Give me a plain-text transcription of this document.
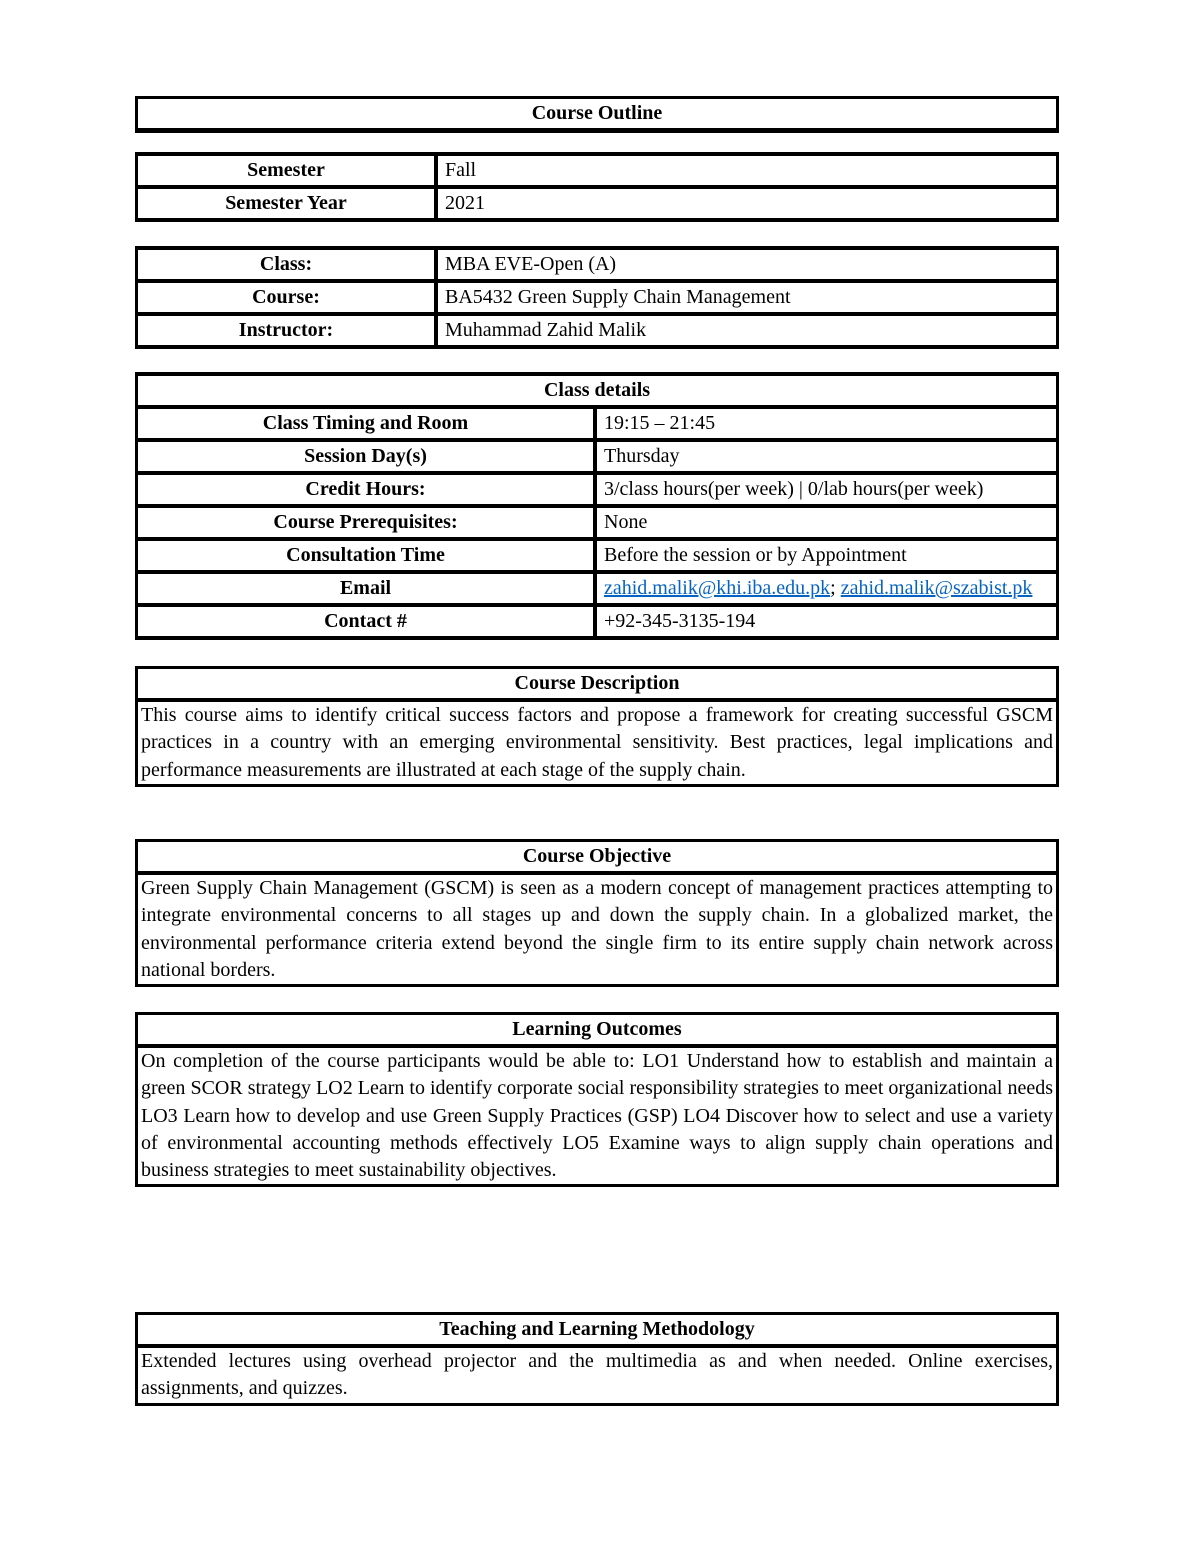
Course Outline
Semester	Fall
Semester Year	2021
Class:	MBA EVE-Open (A)
Course:	BA5432 Green Supply Chain Management
Instructor:	Muhammad Zahid Malik
Class details	
Class Timing and Room	19:15 – 21:45
Session Day(s)	Thursday
Credit Hours:	3/class hours(per week) | 0/lab hours(per week)
Course Prerequisites:	None
Consultation Time	Before the session or by Appointment
Email	zahid.malik@khi.iba.edu.pk; zahid.malik@szabist.pk
Contact #	+92-345-3135-194
Course Description
This course aims to identify critical success factors and propose a framework for creating successful GSCM practices in a country with an emerging environmental sensitivity. Best practices, legal implications and performance measurements are illustrated at each stage of the supply chain.
Course Objective
Green Supply Chain Management (GSCM) is seen as a modern concept of management practices attempting to integrate environmental concerns to all stages up and down the supply chain. In a globalized market, the environmental performance criteria extend beyond the single firm to its entire supply chain network across national borders.
Learning Outcomes
On completion of the course participants would be able to: LO1 Understand how to establish and maintain a green SCOR strategy LO2 Learn to identify corporate social responsibility strategies to meet organizational needs LO3 Learn how to develop and use Green Supply Practices (GSP) LO4 Discover how to select and use a variety of environmental accounting methods effectively LO5 Examine ways to align supply chain operations and business strategies to meet sustainability objectives.
Teaching and Learning Methodology
Extended lectures using overhead projector and the multimedia as and when needed. Online exercises, assignments, and quizzes.
